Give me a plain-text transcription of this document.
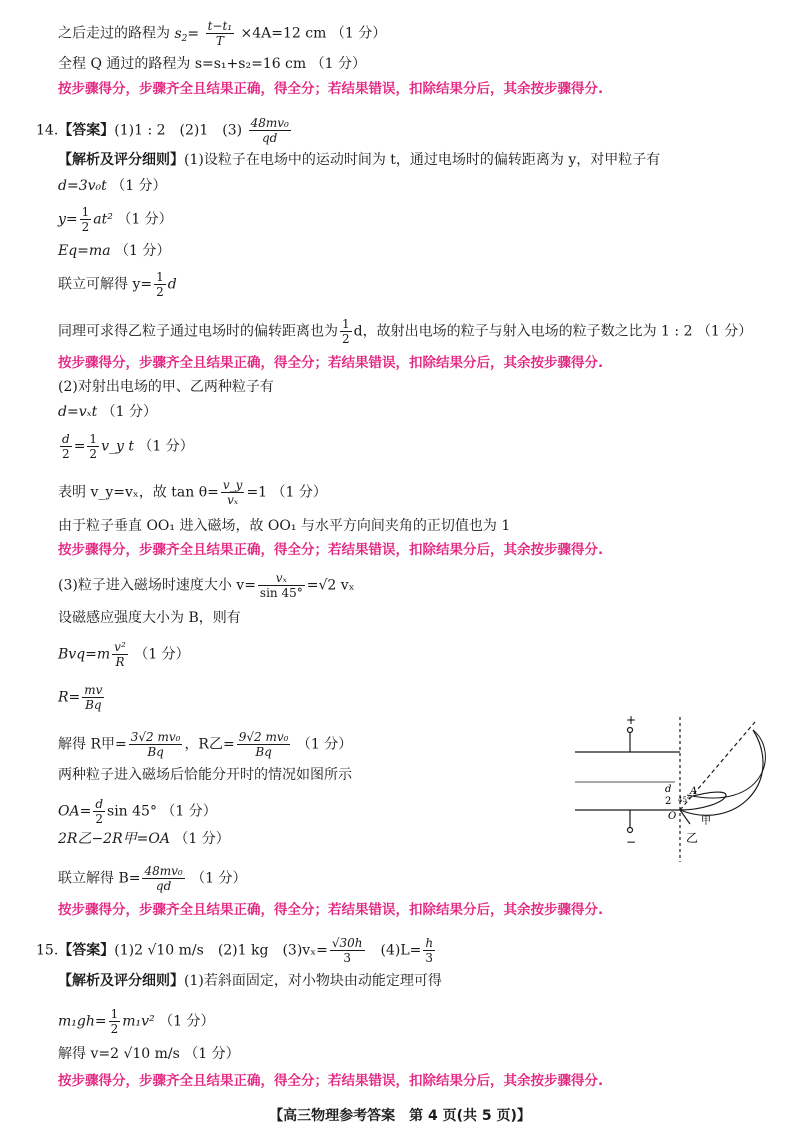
之后走过的路程为 $s_2= \frac{\text{t−t₁}}{T} \times 4A=12$ cm （1 分）
全程 Q 通过的路程为 s=s₁+s₂=16 cm （1 分）
按步骤得分，步骤齐全且结果正确，得全分；若结果错误，扣除结果分后，其余按步骤得分.
14.【答案】(1)1 : 2　(2)1　$(3) \frac{\text{48mv₀}}{qd}$
【解析及评分细则】(1)设粒子在电场中的运动时间为 t，通过电场时的偏转距离为 y，对甲粒子有
d=3v₀t （1 分）
$y= \frac{1}{2} at^2$ （1 分）
Eq=ma （1 分）
联立可解得 $y= \frac{1}{2}$ d
同理可求得乙粒子通过电场时的偏转距离也为 $\frac{1}{2}$ d，故射出电场的粒子与射入电场的粒子数之比为 1 : 2 （1 分）
按步骤得分，步骤齐全且结果正确，得全分；若结果错误，扣除结果分后，其余按步骤得分.
(2)对射出电场的甲、乙两种粒子有
d=vₓt （1 分）
$\frac{d}{2} = \frac{1}{2}$ v_y t （1 分）
表明 v_y=vₓ，故 $\tan \theta= \frac{v\_y}{\text{vₓ}} =1$ （1 分）
由于粒子垂直 OO₁ 进入磁场，故 OO₁ 与水平方向间夹角的正切值也为 1
按步骤得分，步骤齐全且结果正确，得全分；若结果错误，扣除结果分后，其余按步骤得分.
(3)粒子进入磁场时速度大小 $v= \frac{\text{vₓ}}{\sin 45^\circ} =√2$ vₓ
设磁感应强度大小为 B，则有
$Bvq=m \frac{\text{v²}}{R} (1$ 分）
$R= \frac{mv}{Bq}$
解得 R甲= $\frac{\text{3√2 mv₀}}{Bq}$ ，R乙= $\frac{\text{9√2 mv₀}}{Bq} (1$ 分）
两种粒子进入磁场后恰能分开时的情况如图所示
$OA= \frac{d}{2}$ sin 45° （1 分）
2R乙−2R甲=OA （1 分）
联立解得 $B= \frac{\text{48mv₀}}{qd} (1$ 分）
按步骤得分，步骤齐全且结果正确，得全分；若结果错误，扣除结果分后，其余按步骤得分.
15.【答案】(1)2 √10 m/s　(2)1 kg　$(3)v_x= \frac{√30h}{3}$ 　$(4)L= \frac{h}{3}$
【解析及评分细则】(1)若斜面固定，对小物块由动能定理可得
$m_1gh= \frac{1}{2} m_1v^2$ （1 分）
解得 v=2 √10 m/s （1 分）
按步骤得分，步骤齐全且结果正确，得全分；若结果错误，扣除结果分后，其余按步骤得分.
+
−
d
2 45°
A
O 甲
乙
【高三物理参考答案　第 4 页(共 5 页)】
